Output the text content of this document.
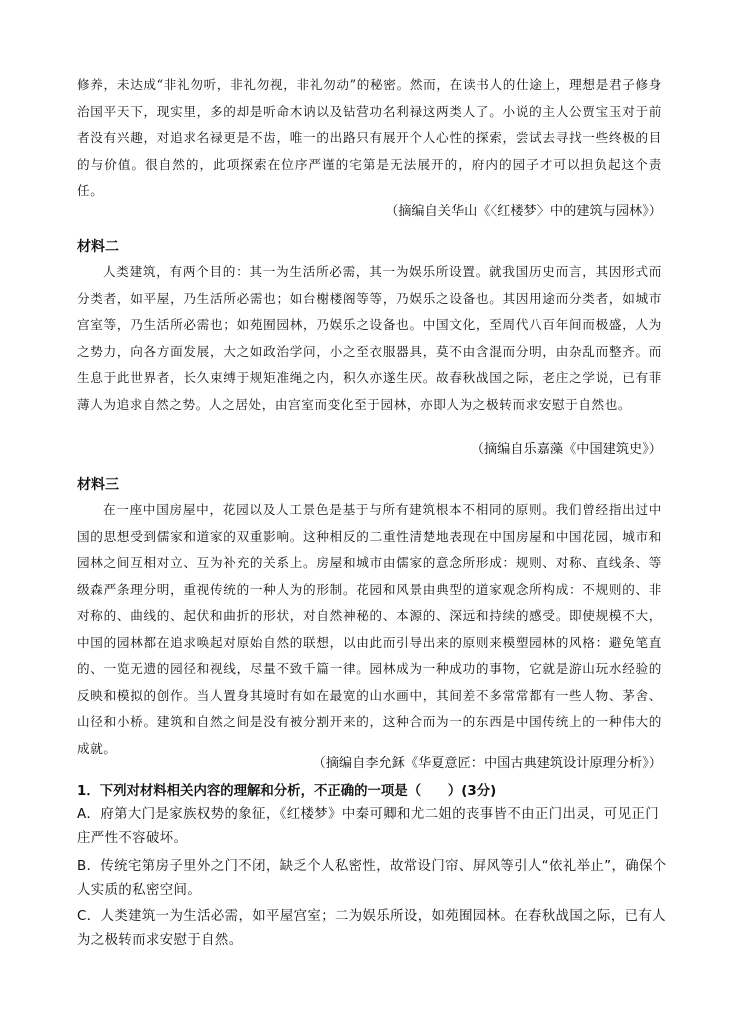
修养，未达成“非礼勿听，非礼勿视，非礼勿动”的秘密。然而，在读书人的仕途上，理想是君子修身治国平天下，现实里，多的却是听命木讷以及钻营功名利禄这两类人了。小说的主人公贾宝玉对于前者没有兴趣，对追求名禄更是不齿，唯一的出路只有展开个人心性的探索，尝试去寻找一些终极的目的与价值。很自然的，此项探索在位序严谨的宅第是无法展开的，府内的园子才可以担负起这个责任。

（摘编自关华山《〈红楼梦〉中的建筑与园林》）

材料二

人类建筑，有两个目的：其一为生活所必需，其一为娱乐所设置。就我国历史而言，其因形式而分类者，如平屋，乃生活所必需也；如台榭楼阁等等，乃娱乐之设备也。其因用途而分类者，如城市宫室等，乃生活所必需也；如苑囿园林，乃娱乐之设备也。中国文化，至周代八百年间而极盛，人为之势力，向各方面发展，大之如政治学问，小之至衣服器具，莫不由含混而分明，由杂乱而整齐。而生息于此世界者，长久束缚于规矩准绳之内，积久亦遂生厌。故春秋战国之际，老庄之学说，已有菲薄人为追求自然之势。人之居处，由宫室而变化至于园林，亦即人为之极转而求安慰于自然也。

（摘编自乐嘉藻《中国建筑史》）

材料三

在一座中国房屋中，花园以及人工景色是基于与所有建筑根本不相同的原则。我们曾经指出过中国的思想受到儒家和道家的双重影响。这种相反的二重性清楚地表现在中国房屋和中国花园，城市和园林之间互相对立、互为补充的关系上。房屋和城市由儒家的意念所形成：规则、对称、直线条、等级森严条理分明，重视传统的一种人为的形制。花园和风景由典型的道家观念所构成：不规则的、非对称的、曲线的、起伏和曲折的形状，对自然神秘的、本源的、深远和持续的感受。即使规模不大，中国的园林都在追求唤起对原始自然的联想，以由此而引导出来的原则来模塑园林的风格：避免笔直的、一览无遗的园径和视线，尽量不致千篇一律。园林成为一种成功的事物，它就是游山玩水经验的反映和模拟的创作。当人置身其境时有如在最宽的山水画中，其间差不多常常都有一些人物、茅舍、山径和小桥。建筑和自然之间是没有被分割开来的，这种合而为一的东西是中国传统上的一种伟大的成就。

（摘编自李允鉌《华夏意匠：中国古典建筑设计原理分析》）

1．下列对材料相关内容的理解和分析，不正确的一项是（　　）(3分)

A．府第大门是家族权势的象征，《红楼梦》中秦可卿和尤二姐的丧事皆不由正门出灵，可见正门庄严性不容破坏。

B．传统宅第房子里外之门不闭，缺乏个人私密性，故常设门帘、屏风等引人“依礼举止”，确保个人实质的私密空间。

C．人类建筑一为生活必需，如平屋宫室；二为娱乐所设，如苑囿园林。在春秋战国之际，已有人为之极转而求安慰于自然。
